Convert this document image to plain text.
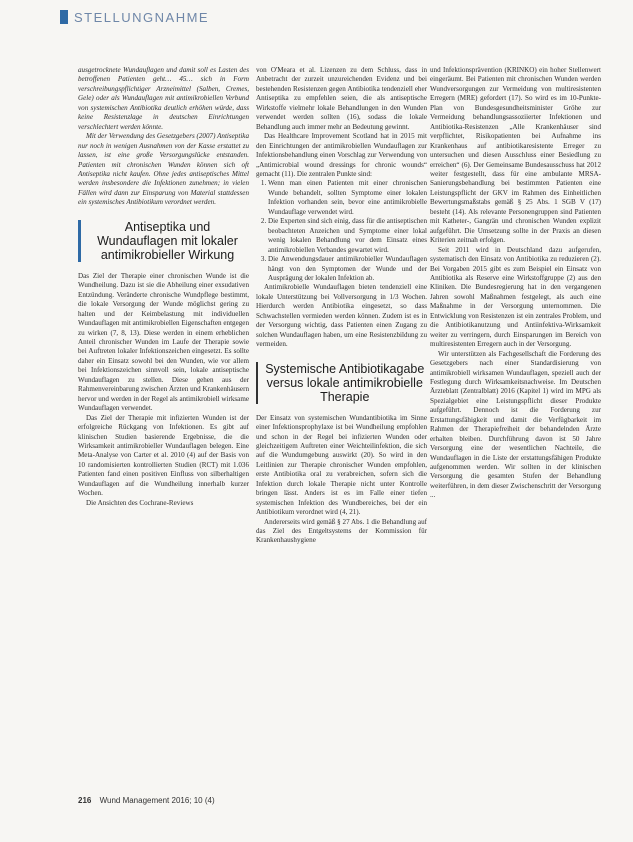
STELLUNGNAHME

ausgetrocknete Wundauflagen und damit soll es Lasten des betroffenen Patienten geht… 45… sich in Form verschreibungspflichtiger Arzneimittel (Salben, Cremes, Gele) oder als Wundauflagen mit antimikrobiellen Verbund von systemischen Antibiotika deutlich erhöhen würde, dass keine Resistenzlage in deutschen Einrichtungen verschlechtert werden könnte.

Mit der Verwendung des Gesetzgebers (2007) Antiseptika nur noch in wenigen Ausnahmen von der Kasse erstattet zu lassen, ist eine große Versorgungslücke entstanden. Patienten mit chronischen Wunden können sich oft Antiseptika nicht kaufen. Ohne jedes antiseptisches Mittel werden insbesondere die Infektionen zunehmen; in vielen Fällen wird dann zur Einsparung von Material stattdessen ein systemisches Antibiotikum verordnet werden.

Antiseptika und Wundauflagen mit lokaler antimikrobieller Wirkung

Das Ziel der Therapie einer chronischen Wunde ist die Wundheilung. Dazu ist sie die Abheilung einer exsudativen Entzündung. Veränderte chronische Wundpflege bestimmt, die lokale Versorgung der Wunde möglichst gering zu halten und der Keimbelastung mit individuellen Wundauflagen mit antimikrobiellen Eigenschaften entgegen zu wirken (7, 8, 13). Diese werden in einem erheblichen Anteil chronischer Wunden im Laufe der Therapie sowie bei Auftreten lokaler Infektionszeichen eingesetzt. Es sollte daher ein Einsatz sowohl bei den Wunden, wie vor allem bei Infektionszeichen sinnvoll sein, lokale antiseptische Wundauflagen zu stellen. Diese gehen aus der Rahmenvereinbarung zwischen Ärzten und Krankenhäusern hervor und werden in der Regel als antimikrobiell wirksame Wundauflagen verwendet.

Das Ziel der Therapie mit infizierten Wunden ist der erfolgreiche Rückgang von Infektionen. Es gibt auf klinischen Studien basierende Ergebnisse, die die Wirksamkeit antimikrobieller Wundauflagen belegen. Eine Meta-Analyse von Carter et al. 2010 (4) auf der Basis von 10 randomisierten kontrollierten Studien (RCT) mit 1.036 Patienten fand einen positiven Einfluss von silberhaltigen Wundauflagen auf die Wundheilung innerhalb kurzer Wochen.

Die Ansichten des Cochrane-Reviews

von O'Meara et al. Lizenzen zu dem Schluss, dass in Anbetracht der zurzeit unzureichenden Evidenz und bei bestehenden Resistenzen gegen Antibiotika tendenziell eher Antiseptika zu empfehlen seien, die als antiseptische Wirkstoffe vielmehr lokale Behandlungen in den Wunden verwendet werden sollten (16), sodass die lokale Behandlung auch immer mehr an Bedeutung gewinnt.

Das Healthcare Improvement Scotland hat in 2015 mit den Einrichtungen der antimikrobiellen Wundauflagen zur Infektionsbehandlung einen Vorschlag zur Verwendung von „Antimicrobial wound dressings for chronic wounds“ gemacht (11). Die zentralen Punkte sind:

1. Wenn man einen Patienten mit einer chronischen Wunde behandelt, sollten Symptome einer lokalen Infektion vorhanden sein, bevor eine antimikrobielle Wundauflage verwendet wird.
2. Die Experten sind sich einig, dass für die antiseptischen beobachteten Anzeichen und Symptome einer lokal wenig lokalen Behandlung vor dem Einsatz eines antimikrobiellen Verbandes gewartet wird.
3. Die Anwendungsdauer antimikrobieller Wundauflagen hängt von den Symptomen der Wunde und der Ausprägung der lokalen Infektion ab.

Antimikrobielle Wundauflagen bieten tendenziell eine lokale Unterstützung bei Vollversorgung in 1/3 Wochen. Hierdurch werden Antibiotika eingesetzt, so dass Schwachstellen vermieden werden können. Zudem ist es in der Versorgung wichtig, dass Patienten einen Zugang zu solchen Wundauflagen haben, um eine Resistenzbildung zu vermeiden.

Systemische Antibiotikagabe versus lokale antimikrobielle Therapie

Der Einsatz von systemischen Wundantibiotika im Sinne einer Infektionsprophylaxe ist bei Wundheilung empfohlen und schon in der Regel bei infizierten Wunden oder gleichzeitigem Auftreten einer Weichteilinfektion, die sich auf die Wundumgebung auswirkt (20). So wird in den Leitlinien zur Therapie chronischer Wunden empfohlen, erste Antibiotika oral zu verabreichen, sofern sich die Infektion durch lokale Therapie nicht unter Kontrolle bringen lässt. Anders ist es im Falle einer tiefen systemischen Infektion des Wundbereiches, bei der ein Antibiotikum verordnet wird (4, 21).

Andererseits wird gemäß § 27 Abs. 1 die Behandlung auf das Ziel des Entgeltsystems der Kommission für Krankenhaushygiene

und Infektionsprävention (KRINKO) ein hoher Stellenwert eingeräumt. Bei Patienten mit chronischen Wunden werden Wundversorgungen zur Vermeidung von multiresistenten Erregern (MRE) gefordert (17). So wird es im 10-Punkte-Plan von Bundesgesundheitsminister Gröhe zur Vermeidung behandlungsassoziierter Infektionen und Antibiotika-Resistenzen „Alle Krankenhäuser sind verpflichtet, Risikopatienten bei Aufnahme ins Krankenhaus auf antibiotikaresistente Erreger zu untersuchen und diesen Ausschluss einer Besiedlung zu erreichen“ (6). Der Gemeinsame Bundesausschuss hat 2012 weiter festgestellt, dass für eine ambulante MRSA-Sanierungsbehandlung bei bestimmten Patienten eine Leistungspflicht der GKV im Rahmen des Einheitlichen Bewertungsmaßstabs gemäß § 25 Abs. 1 SGB V (17) besteht (14). Als relevante Personengruppen sind Patienten mit Katheter-, Gangrän und chronischen Wunden explizit aufgeführt. Die Umsetzung sollte in der Praxis an diesen Kriterien zeitnah erfolgen.

Seit 2011 wird in Deutschland dazu aufgerufen, systematisch den Einsatz von Antibiotika zu reduzieren (2). Bei Vorgaben 2015 gibt es zum Beispiel ein Einsatz von Antibiotika als Reserve eine Wirkstoffgruppe (2) aus den Kliniken. Die Bundesregierung hat in den vergangenen Jahren sowohl Maßnahmen festgelegt, als auch eine Maßnahme in der Versorgung unternommen. Die Entwicklung von Resistenzen ist ein zentrales Problem, und die Antibiotikanutzung und Antiinfektiva-Wirksamkeit weiter zu verringern, durch Einsparungen im Bereich von multiresistenten Erregern auch in der Versorgung.

Wir unterstützen als Fachgesellschaft die Forderung des Gesetzgebers nach einer Standardisierung von antimikrobiell wirksamen Wundauflagen, speziell auch der Festlegung durch Wirksamkeitsnachweise. Im Deutschen Ärzteblatt (Zentralblatt) 2016 (Kapitel 1) wird im MPG als Spezialgebiet eine Leistungspflicht dieser Produkte aufgeführt. Dennoch ist die Forderung zur Erstattungsfähigkeit und damit die Verfügbarkeit im Rahmen der Therapiefreiheit der behandelnden Ärzte erhalten bleiben. Durchführung davon ist 50 Jahre Versorgung eine der wesentlichen Nachteile, die Wundauflagen in die Liste der erstattungsfähigen Produkte aufgenommen werden. Wir sollten in der klinischen Versorgung die gesamten Stufen der Behandlung weiterführen, in dem dieser Zwischenschritt der Versorgung ...

216 Wund Management 2016; 10 (4)
